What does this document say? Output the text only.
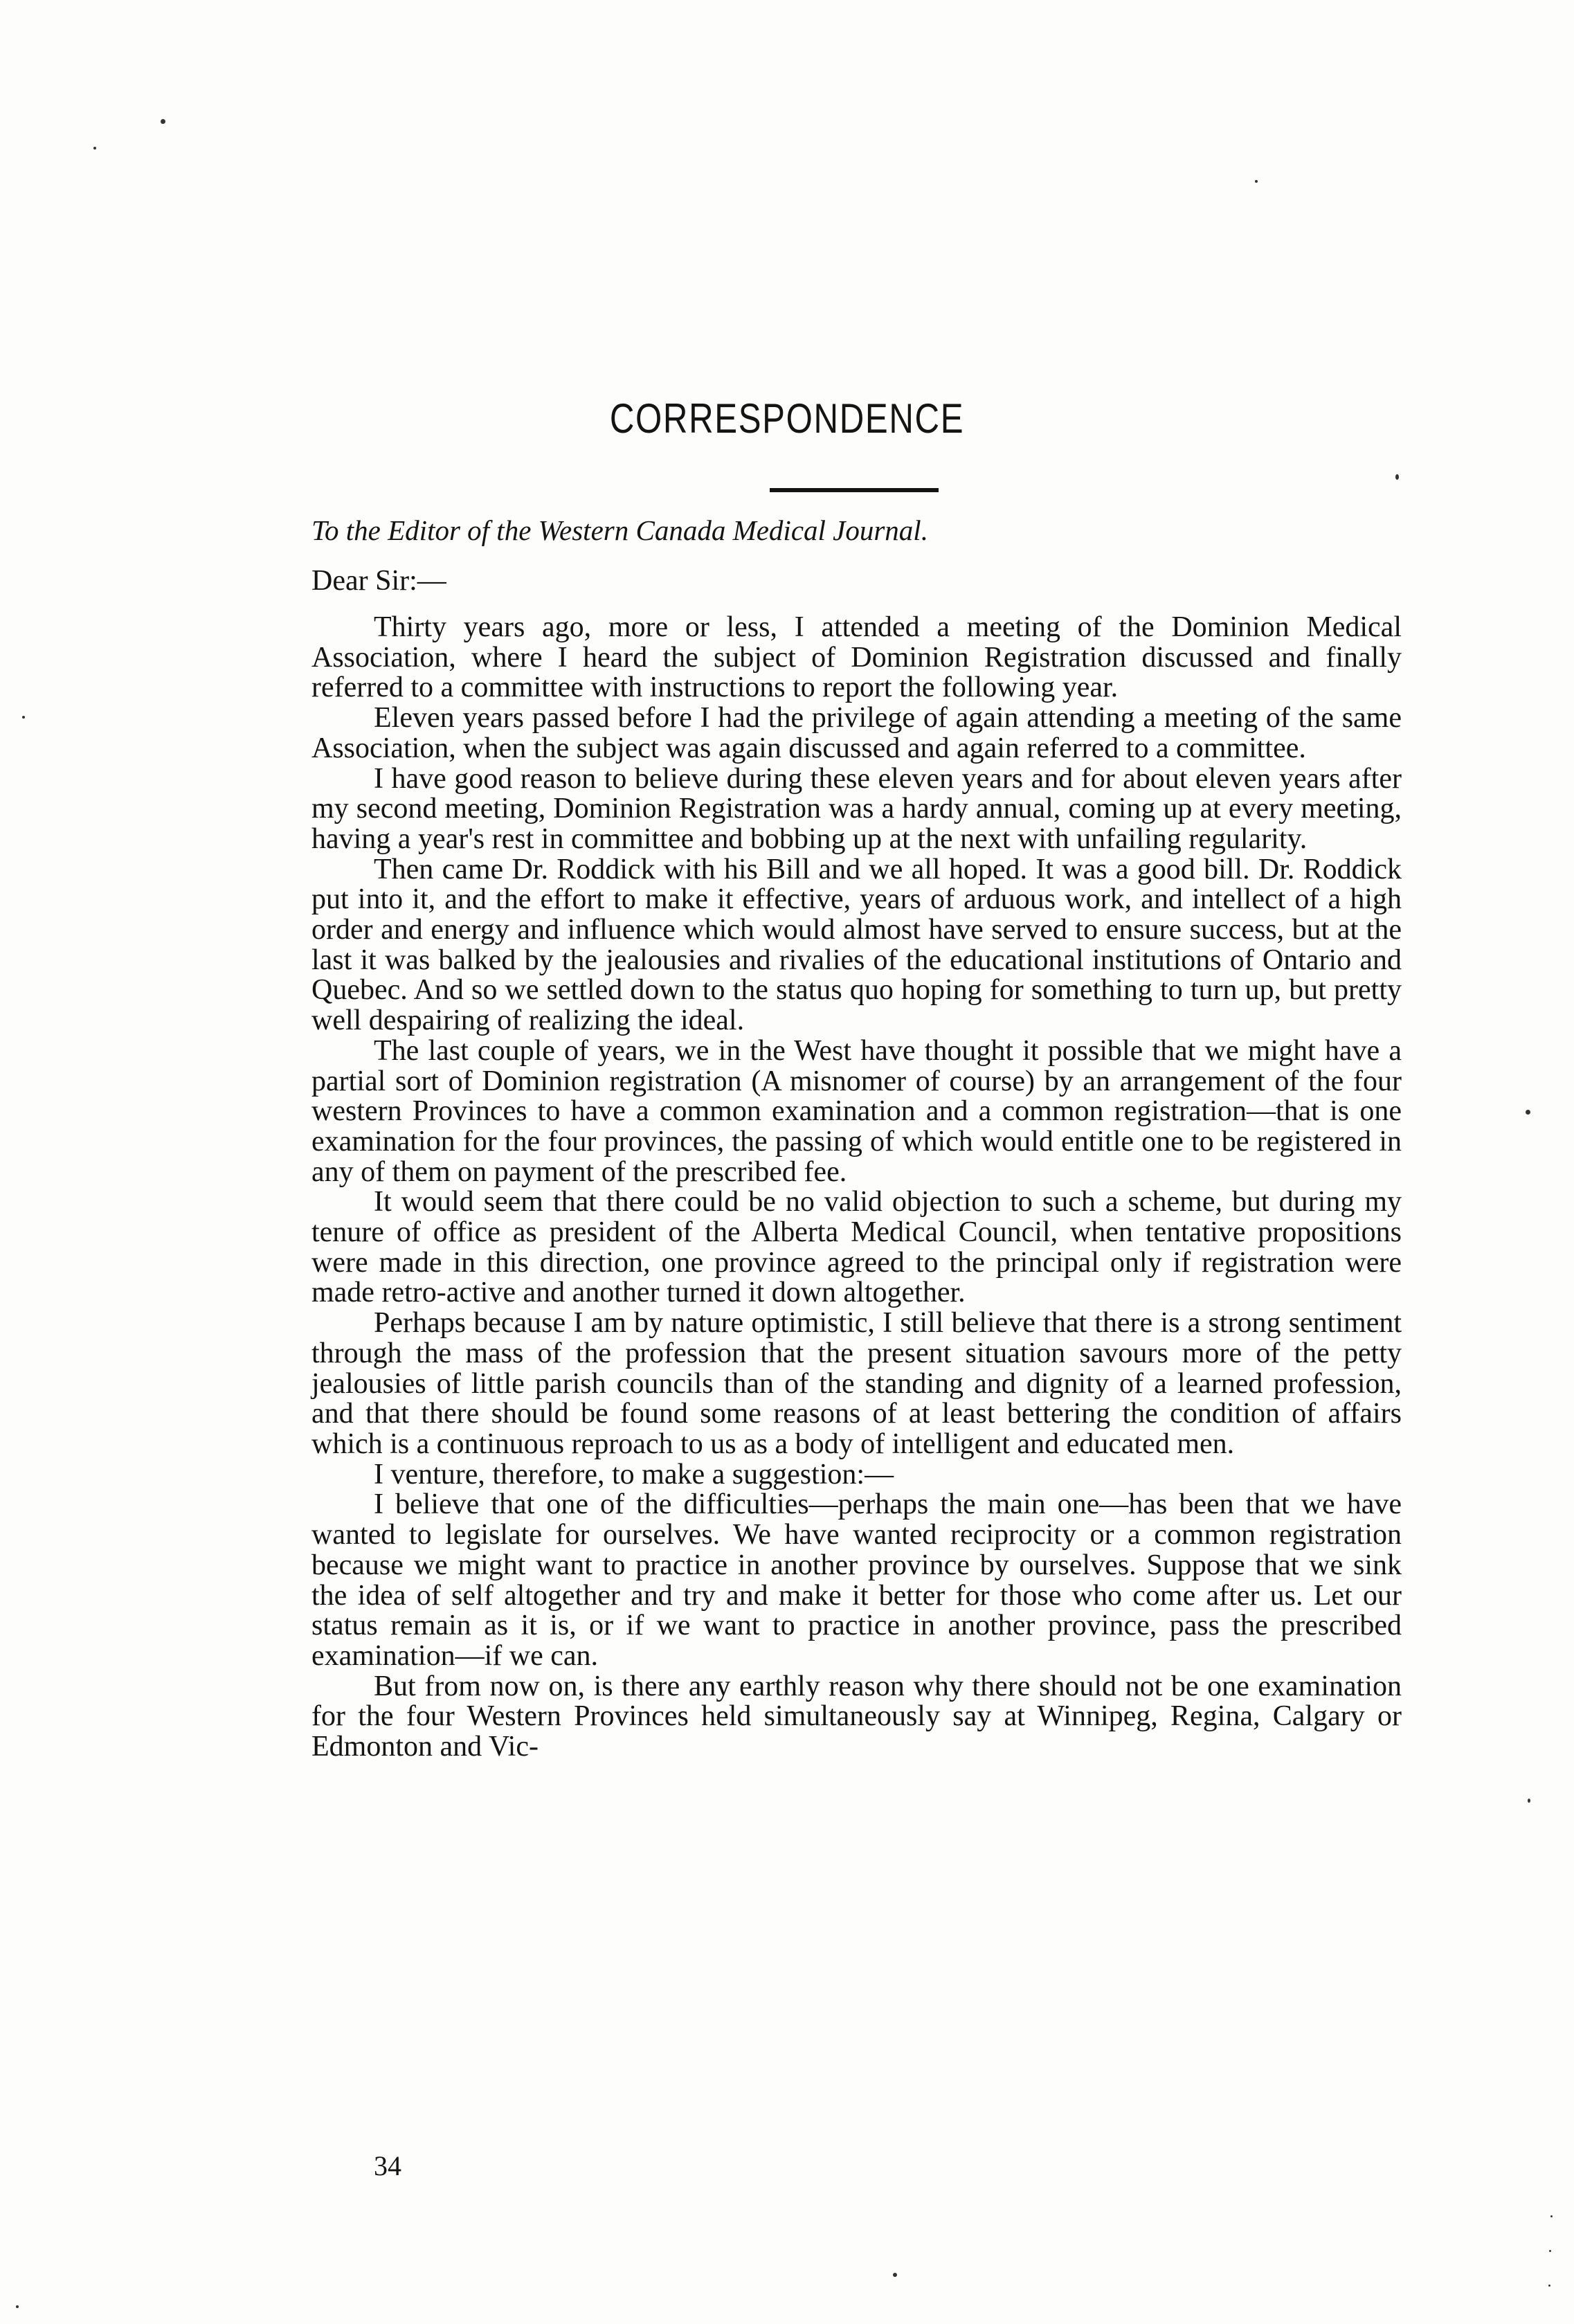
CORRESPONDENCE
To the Editor of the Western Canada Medical Journal.
Dear Sir:—

Thirty years ago, more or less, I attended a meeting of the Dominion Medical Association, where I heard the subject of Dominion Registration discussed and finally referred to a committee with instructions to report the following year.

Eleven years passed before I had the privilege of again attending a meeting of the same Association, when the subject was again discussed and again referred to a committee.

I have good reason to believe during these eleven years and for about eleven years after my second meeting, Dominion Registration was a hardy annual, coming up at every meeting, having a year's rest in committee and bobbing up at the next with unfailing regularity.

Then came Dr. Roddick with his Bill and we all hoped. It was a good bill. Dr. Roddick put into it, and the effort to make it effective, years of arduous work, and intellect of a high order and energy and influence which would almost have served to ensure success, but at the last it was balked by the jealousies and rivalies of the educational institutions of Ontario and Quebec. And so we settled down to the status quo hoping for something to turn up, but pretty well despairing of realizing the ideal.

The last couple of years, we in the West have thought it possible that we might have a partial sort of Dominion registration (A misnomer of course) by an arrangement of the four western Provinces to have a common examination and a common registration—that is one examination for the four provinces, the passing of which would entitle one to be registered in any of them on payment of the prescribed fee.

It would seem that there could be no valid objection to such a scheme, but during my tenure of office as president of the Alberta Medical Council, when tentative propositions were made in this direction, one province agreed to the principal only if registration were made retro-active and another turned it down altogether.

Perhaps because I am by nature optimistic, I still believe that there is a strong sentiment through the mass of the profession that the present situation savours more of the petty jealousies of little parish councils than of the standing and dignity of a learned profession, and that there should be found some reasons of at least bettering the condition of affairs which is a continuous reproach to us as a body of intelligent and educated men.

I venture, therefore, to make a suggestion:—

I believe that one of the difficulties—perhaps the main one—has been that we have wanted to legislate for ourselves. We have wanted reciprocity or a common registration because we might want to practice in another province by ourselves. Suppose that we sink the idea of self altogether and try and make it better for those who come after us. Let our status remain as it is, or if we want to practice in another province, pass the prescribed examination—if we can.

But from now on, is there any earthly reason why there should not be one examination for the four Western Provinces held simultaneously say at Winnipeg, Regina, Calgary or Edmonton and Vic-

34
